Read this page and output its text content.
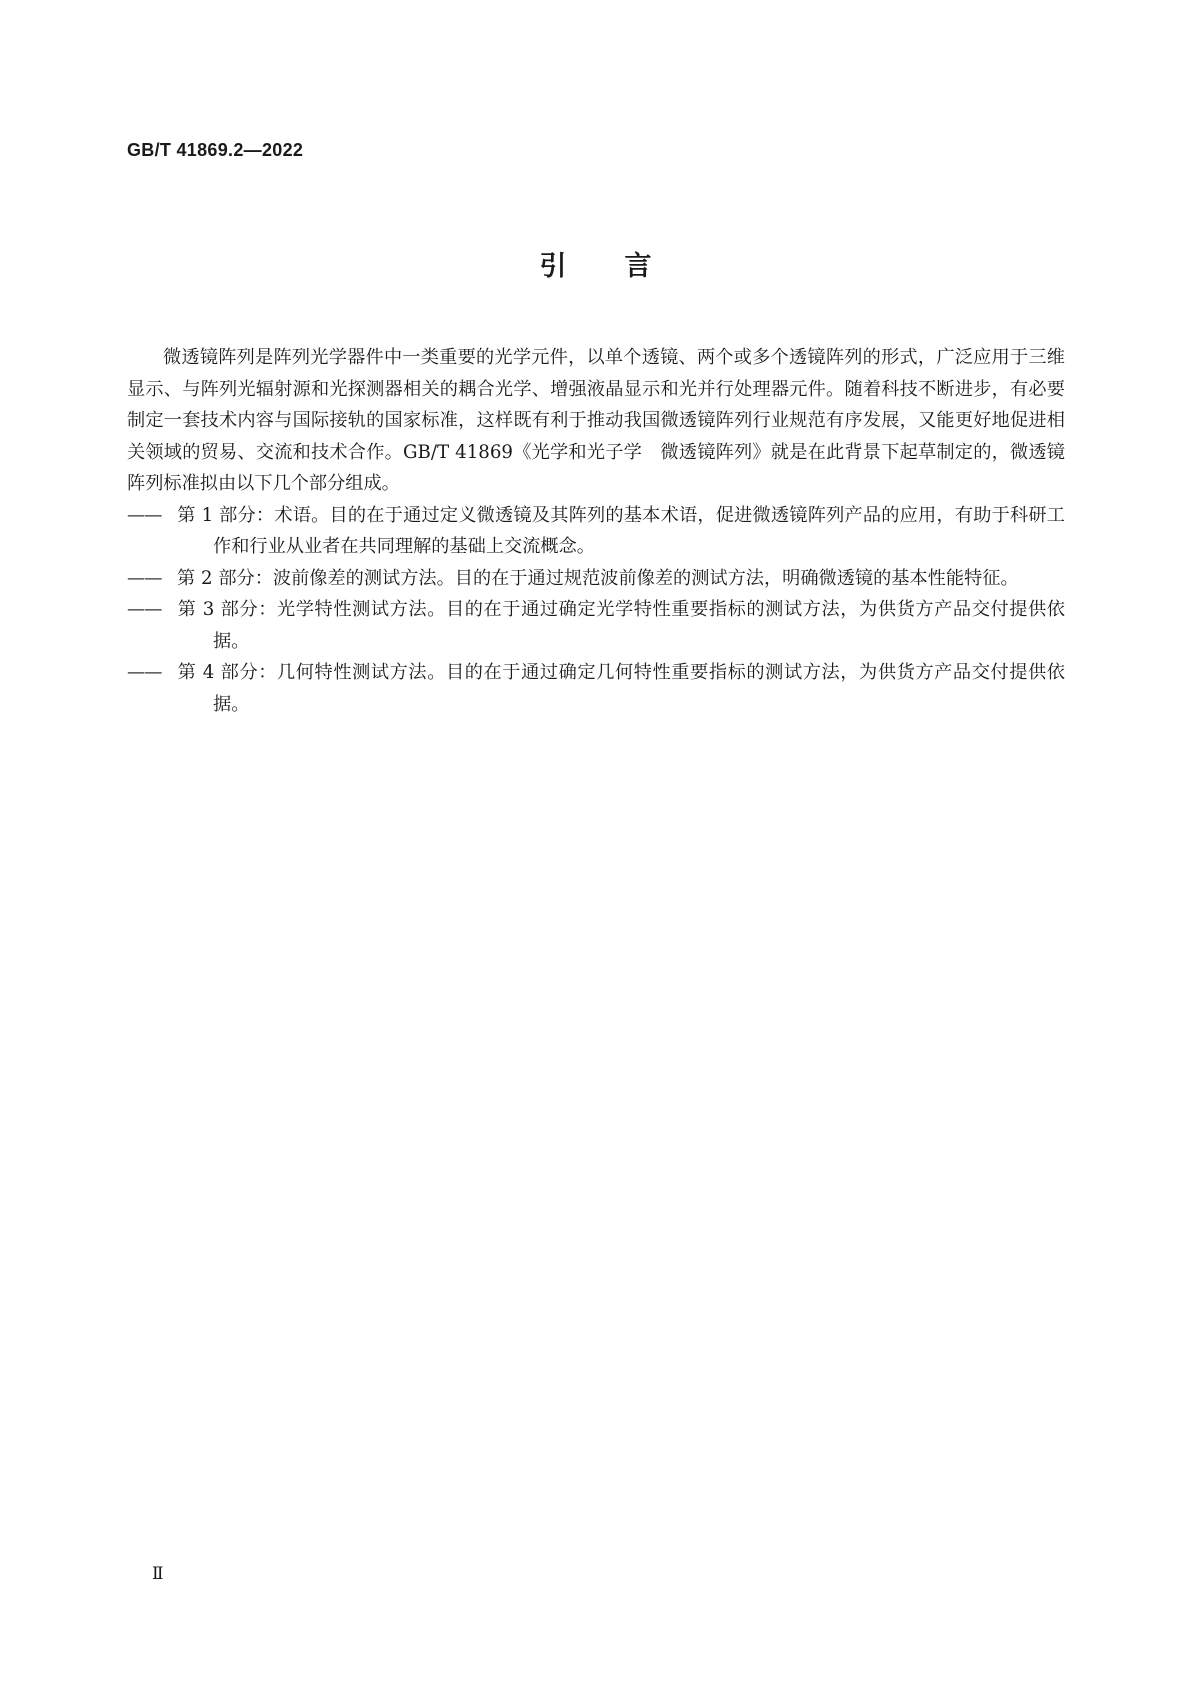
GB/T 41869.2—2022
引言

微透镜阵列是阵列光学器件中一类重要的光学元件，以单个透镜、两个或多个透镜阵列的形式，广泛应用于三维显示、与阵列光辐射源和光探测器相关的耦合光学、增强液晶显示和光并行处理器元件。随着科技不断进步，有必要制定一套技术内容与国际接轨的国家标准，这样既有利于推动我国微透镜阵列行业规范有序发展，又能更好地促进相关领域的贸易、交流和技术合作。GB/T 41869《光学和光子学　微透镜阵列》就是在此背景下起草制定的，微透镜阵列标准拟由以下几个部分组成。

—— 第 1 部分：术语。目的在于通过定义微透镜及其阵列的基本术语，促进微透镜阵列产品的应用，有助于科研工作和行业从业者在共同理解的基础上交流概念。

—— 第 2 部分：波前像差的测试方法。目的在于通过规范波前像差的测试方法，明确微透镜的基本性能特征。

—— 第 3 部分：光学特性测试方法。目的在于通过确定光学特性重要指标的测试方法，为供货方产品交付提供依据。

—— 第 4 部分：几何特性测试方法。目的在于通过确定几何特性重要指标的测试方法，为供货方产品交付提供依据。

Ⅱ
